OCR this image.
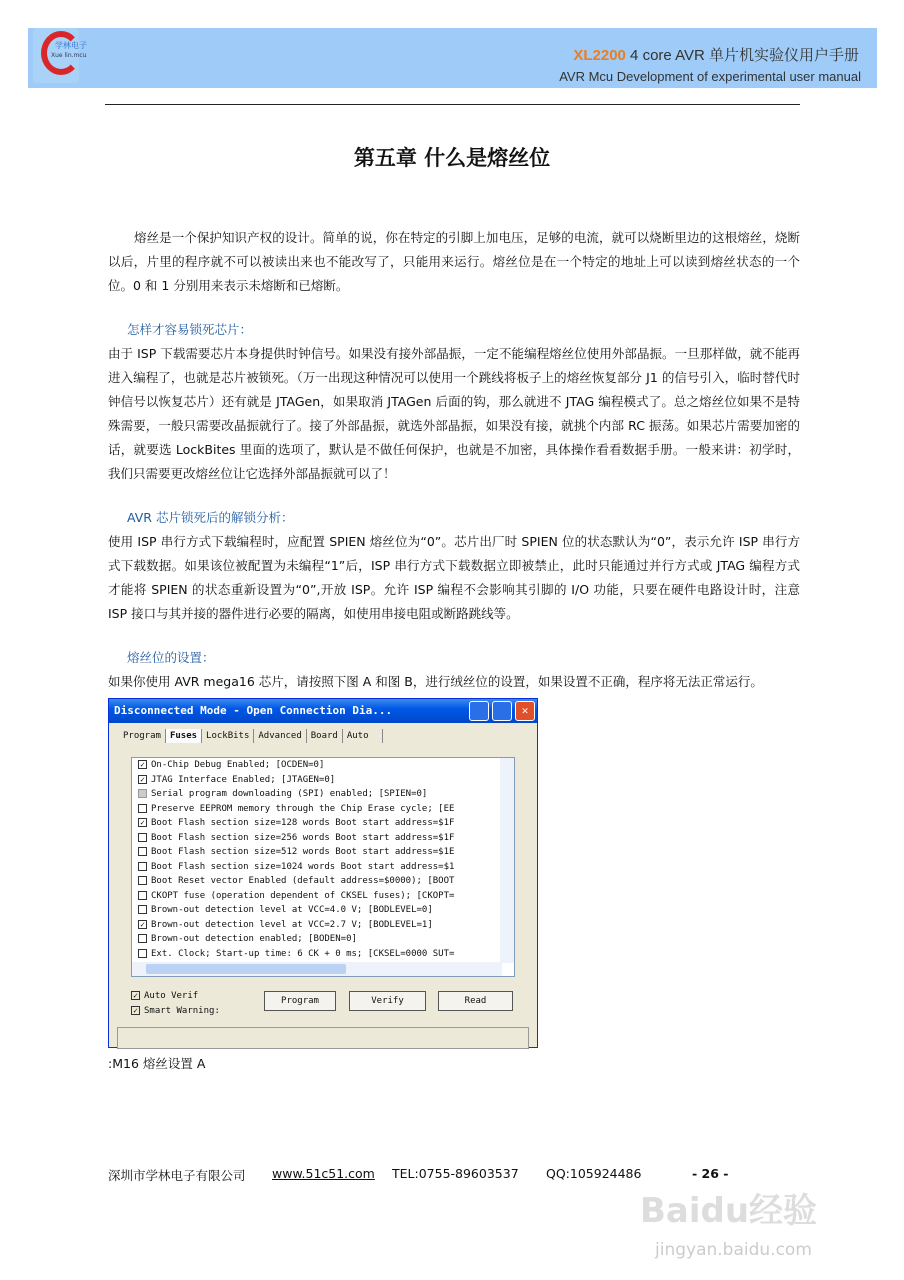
学林电子
Xue lin.mcu	XL2200 4 core AVR 单片机实验仪用户手册
AVR Mcu Development of experimental user manual
第五章 什么是熔丝位
熔丝是一个保护知识产权的设计。简单的说，你在特定的引脚上加电压，足够的电流，就可以烧断里边的这根熔丝，烧断以后，片里的程序就不可以被读出来也不能改写了，只能用来运行。熔丝位是在一个特定的地址上可以读到熔丝状态的一个位。0 和 1 分别用来表示未熔断和已熔断。
怎样才容易锁死芯片：
由于 ISP 下载需要芯片本身提供时钟信号。如果没有接外部晶振，一定不能编程熔丝位使用外部晶振。一旦那样做，就不能再进入编程了，也就是芯片被锁死。（万一出现这种情况可以使用一个跳线将板子上的熔丝恢复部分 J1 的信号引入，临时替代时钟信号以恢复芯片）还有就是 JTAGen，如果取消 JTAGen 后面的钩，那么就进不 JTAG 编程模式了。总之熔丝位如果不是特殊需要，一般只需要改晶振就行了。接了外部晶振，就选外部晶振，如果没有接，就挑个内部 RC 振荡。如果芯片需要加密的话，就要选 LockBites 里面的选项了，默认是不做任何保护，也就是不加密，具体操作看看数据手册。一般来讲：初学时，我们只需要更改熔丝位让它选择外部晶振就可以了！
AVR 芯片锁死后的解锁分析：
使用 ISP 串行方式下载编程时，应配置 SPIEN 熔丝位为“0”。芯片出厂时 SPIEN 位的状态默认为“0”，表示允许 ISP 串行方式下载数据。如果该位被配置为未编程“1”后，ISP 串行方式下载数据立即被禁止，此时只能通过并行方式或 JTAG 编程方式才能将 SPIEN 的状态重新设置为“0”,开放 ISP。允许 ISP 编程不会影响其引脚的 I/O 功能，只要在硬件电路设计时，注意 ISP 接口与其并接的器件进行必要的隔离，如使用串接电阻或断路跳线等。
熔丝位的设置：
如果你使用 AVR mega16 芯片，请按照下图 A 和图 B，进行绒丝位的设置，如果设置不正确，程序将无法正常运行。
Disconnected Mode - Open Connection Dia...	✕
Program	Fuses	LockBits	Advanced	Board	Auto
✓ On-Chip Debug Enabled; [OCDEN=0]
✓ JTAG Interface Enabled; [JTAGEN=0]
Serial program downloading (SPI) enabled; [SPIEN=0]
Preserve EEPROM memory through the Chip Erase cycle; [EE
✓ Boot Flash section size=128 words Boot start address=$1F
Boot Flash section size=256 words Boot start address=$1F
Boot Flash section size=512 words Boot start address=$1E
Boot Flash section size=1024 words Boot start address=$1
Boot Reset vector Enabled (default address=$0000); [BOOT
CKOPT fuse (operation dependent of CKSEL fuses); [CKOPT=
Brown-out detection level at VCC=4.0 V; [BODLEVEL=0]
✓ Brown-out detection level at VCC=2.7 V; [BODLEVEL=1]
Brown-out detection enabled; [BODEN=0]
Ext. Clock; Start-up time: 6 CK + 0 ms; [CKSEL=0000 SUT=
✓ Auto Verif
✓ Smart Warning:
Program	Verify	Read
:M16 熔丝设置 A
深圳市学林电子有限公司 www.51c51.com TEL:0755-89603537 QQ:105924486	- 26 -
Baidu经验
jingyan.baidu.com
